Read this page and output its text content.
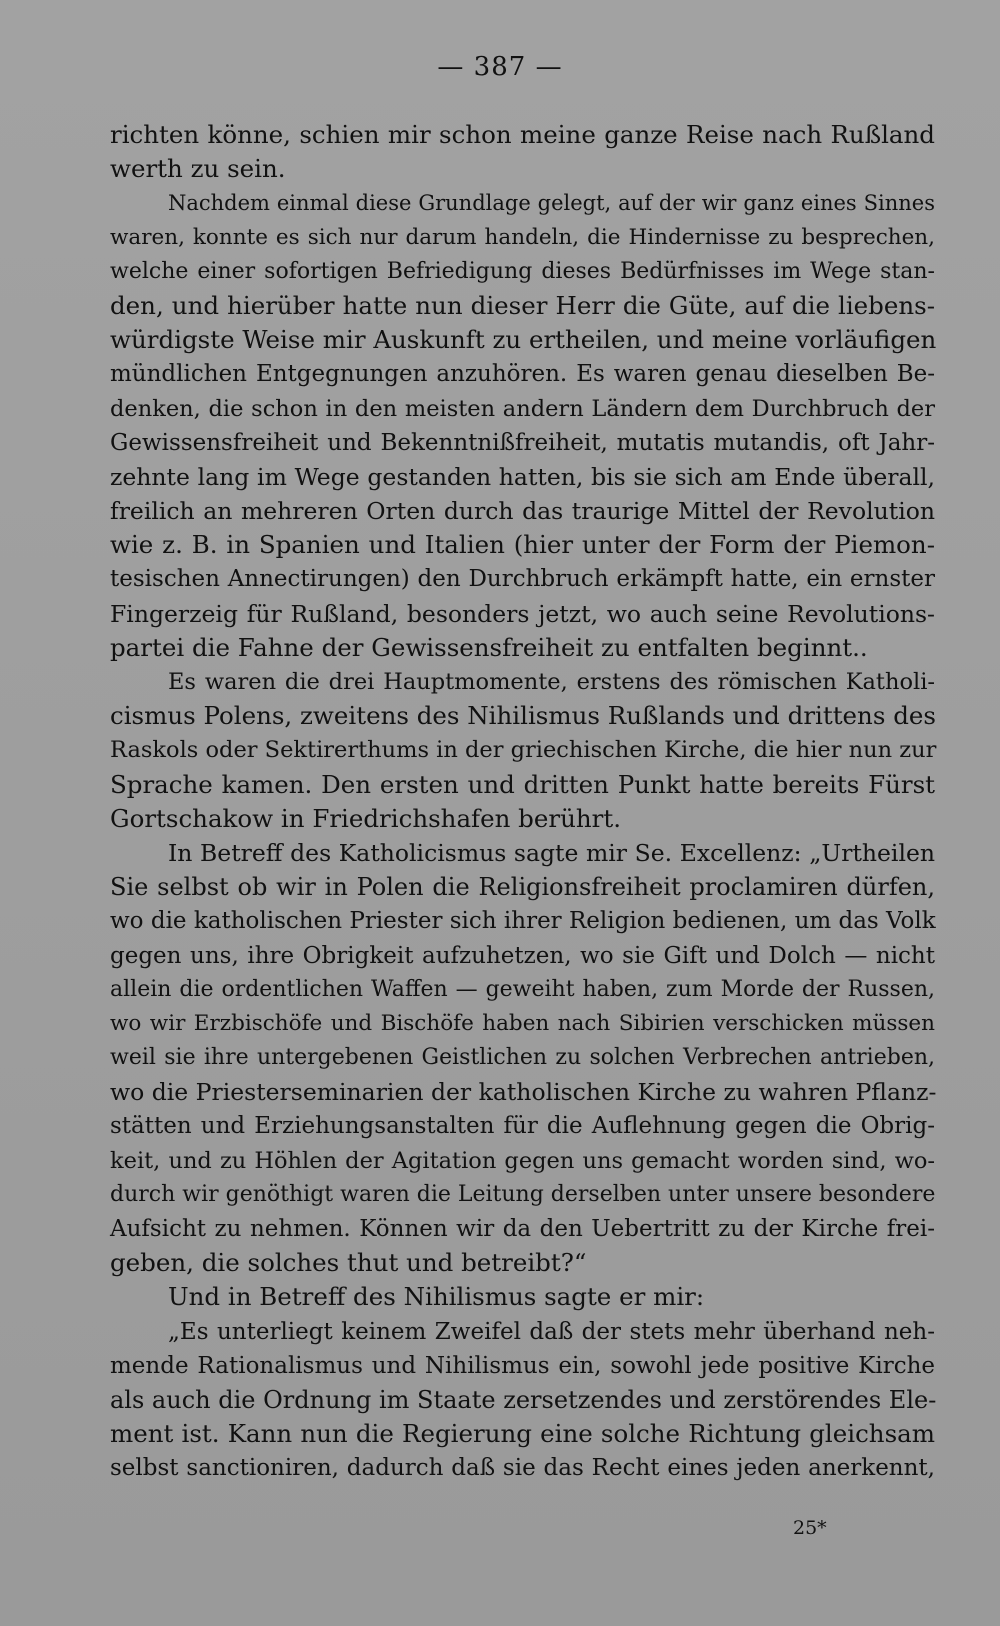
— 387 —
richten könne, schien mir schon meine ganze Reise nach Rußland
werth zu sein.
Nachdem einmal diese Grundlage gelegt, auf der wir ganz eines Sinnes
waren, konnte es sich nur darum handeln, die Hindernisse zu besprechen,
welche einer sofortigen Befriedigung dieses Bedürfnisses im Wege stan-
den, und hierüber hatte nun dieser Herr die Güte, auf die liebens-
würdigste Weise mir Auskunft zu ertheilen, und meine vorläufigen
mündlichen Entgegnungen anzuhören. Es waren genau dieselben Be-
denken, die schon in den meisten andern Ländern dem Durchbruch der
Gewissensfreiheit und Bekenntnißfreiheit, mutatis mutandis, oft Jahr-
zehnte lang im Wege gestanden hatten, bis sie sich am Ende überall,
freilich an mehreren Orten durch das traurige Mittel der Revolution
wie z. B. in Spanien und Italien (hier unter der Form der Piemon-
tesischen Annectirungen) den Durchbruch erkämpft hatte, ein ernster
Fingerzeig für Rußland, besonders jetzt, wo auch seine Revolutions-
partei die Fahne der Gewissensfreiheit zu entfalten beginnt..
Es waren die drei Hauptmomente, erstens des römischen Katholi-
cismus Polens, zweitens des Nihilismus Rußlands und drittens des
Raskols oder Sektirerthums in der griechischen Kirche, die hier nun zur
Sprache kamen. Den ersten und dritten Punkt hatte bereits Fürst
Gortschakow in Friedrichshafen berührt.
In Betreff des Katholicismus sagte mir Se. Excellenz: „Urtheilen
Sie selbst ob wir in Polen die Religionsfreiheit proclamiren dürfen,
wo die katholischen Priester sich ihrer Religion bedienen, um das Volk
gegen uns, ihre Obrigkeit aufzuhetzen, wo sie Gift und Dolch — nicht
allein die ordentlichen Waffen — geweiht haben, zum Morde der Russen,
wo wir Erzbischöfe und Bischöfe haben nach Sibirien verschicken müssen
weil sie ihre untergebenen Geistlichen zu solchen Verbrechen antrieben,
wo die Priesterseminarien der katholischen Kirche zu wahren Pflanz-
stätten und Erziehungsanstalten für die Auflehnung gegen die Obrig-
keit, und zu Höhlen der Agitation gegen uns gemacht worden sind, wo-
durch wir genöthigt waren die Leitung derselben unter unsere besondere
Aufsicht zu nehmen. Können wir da den Uebertritt zu der Kirche frei-
geben, die solches thut und betreibt?“
Und in Betreff des Nihilismus sagte er mir:
„Es unterliegt keinem Zweifel daß der stets mehr überhand neh-
mende Rationalismus und Nihilismus ein, sowohl jede positive Kirche
als auch die Ordnung im Staate zersetzendes und zerstörendes Ele-
ment ist. Kann nun die Regierung eine solche Richtung gleichsam
selbst sanctioniren, dadurch daß sie das Recht eines jeden anerkennt,
25*
